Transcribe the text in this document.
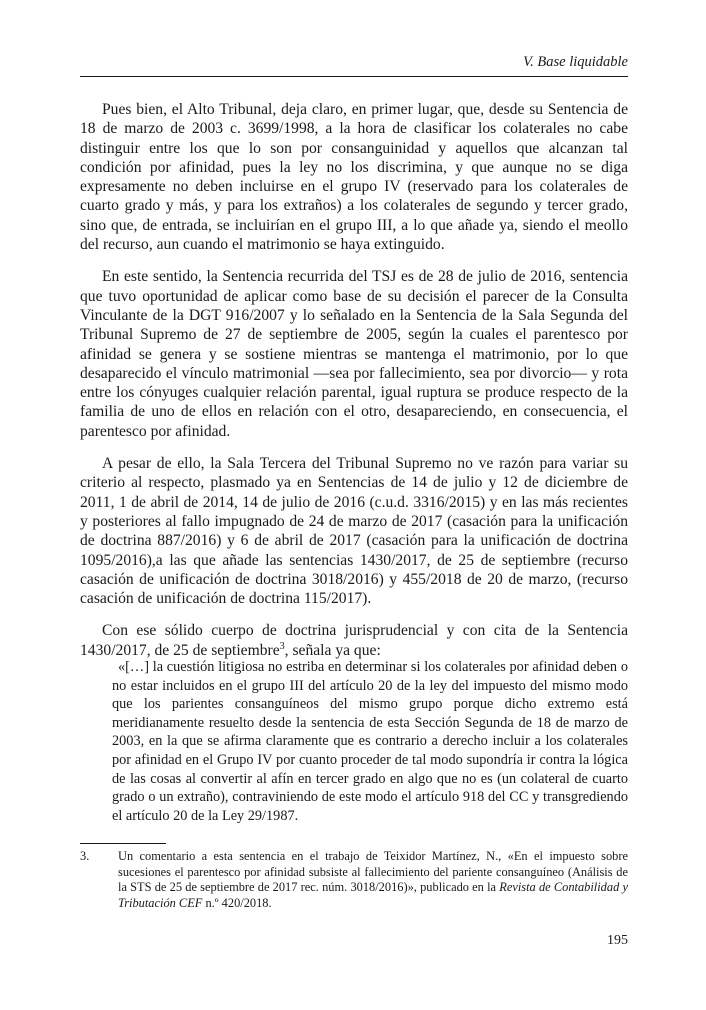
V. Base liquidable

Pues bien, el Alto Tribunal, deja claro, en primer lugar, que, desde su Sentencia de 18 de marzo de 2003 c. 3699/1998, a la hora de clasificar los colaterales no cabe distinguir entre los que lo son por consanguinidad y aquellos que alcanzan tal condición por afinidad, pues la ley no los discrimina, y que aunque no se diga expresamente no deben incluirse en el grupo IV (reservado para los colaterales de cuarto grado y más, y para los extraños) a los colaterales de segundo y tercer grado, sino que, de entrada, se incluirían en el grupo III, a lo que añade ya, siendo el meollo del recurso, aun cuando el matrimonio se haya extinguido.

En este sentido, la Sentencia recurrida del TSJ es de 28 de julio de 2016, sentencia que tuvo oportunidad de aplicar como base de su decisión el parecer de la Consulta Vinculante de la DGT 916/2007 y lo señalado en la Sentencia de la Sala Segunda del Tribunal Supremo de 27 de septiembre de 2005, según la cuales el parentesco por afinidad se genera y se sostiene mientras se mantenga el matrimonio, por lo que desaparecido el vínculo matrimonial —sea por fallecimiento, sea por divorcio— y rota entre los cónyuges cualquier relación parental, igual ruptura se produce respecto de la familia de uno de ellos en relación con el otro, desapareciendo, en consecuencia, el parentesco por afinidad.

A pesar de ello, la Sala Tercera del Tribunal Supremo no ve razón para variar su criterio al respecto, plasmado ya en Sentencias de 14 de julio y 12 de diciembre de 2011, 1 de abril de 2014, 14 de julio de 2016 (c.u.d. 3316/2015) y en las más recientes y posteriores al fallo impugnado de 24 de marzo de 2017 (casación para la unificación de doctrina 887/2016) y 6 de abril de 2017 (casación para la unificación de doctrina 1095/2016),a las que añade las sentencias 1430/2017, de 25 de septiembre (recurso casación de unificación de doctrina 3018/2016) y 455/2018 de 20 de marzo, (recurso casación de unificación de doctrina 115/2017).

Con ese sólido cuerpo de doctrina jurisprudencial y con cita de la Sentencia 1430/2017, de 25 de septiembre$^3$, señala ya que:

«[…] la cuestión litigiosa no estriba en determinar si los colaterales por afinidad deben o no estar incluidos en el grupo III del artículo 20 de la ley del impuesto del mismo modo que los parientes consanguíneos del mismo grupo porque dicho extremo está meridianamente resuelto desde la sentencia de esta Sección Segunda de 18 de marzo de 2003, en la que se afirma claramente que es contrario a derecho incluir a los colaterales por afinidad en el Grupo IV por cuanto proceder de tal modo supondría ir contra la lógica de las cosas al convertir al afín en tercer grado en algo que no es (un colateral de cuarto grado o un extraño), contraviniendo de este modo el artículo 918 del CC y transgrediendo el artículo 20 de la Ley 29/1987.
3. Un comentario a esta sentencia en el trabajo de Teixidor Martínez, N., «En el impuesto sobre sucesiones el parentesco por afinidad subsiste al fallecimiento del pariente consanguíneo (Análisis de la STS de 25 de septiembre de 2017 rec. núm. 3018/2016)», publicado en la Revista de Contabilidad y Tributación CEF n.º 420/2018.
195
